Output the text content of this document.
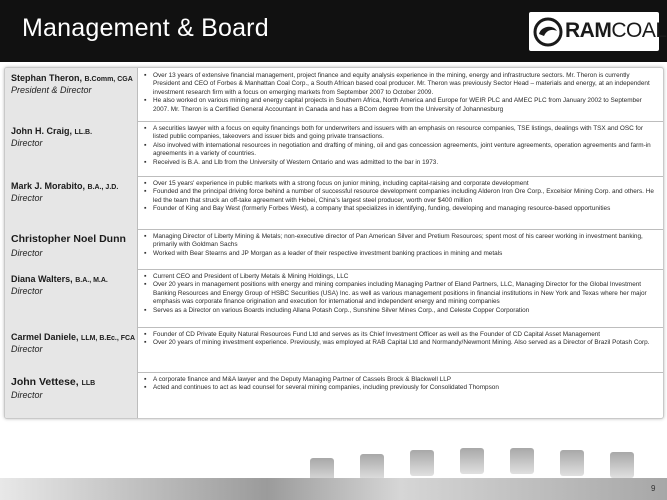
Management & Board	RAMCOAL
Stephan Theron, B.Comm, CGA
President & Director
▪ Over 13 years of extensive financial management, project finance and equity analysis experience in the mining, energy and infrastructure sectors. Mr. Theron is currently President and CEO of Forbes & Manhattan Coal Corp., a South African based coal producer. Mr. Theron was previously Sector Head – materials and energy, at an independent investment research firm with a focus on emerging markets from September 2007 to October 2009.
▪ He also worked on various mining and energy capital projects in Southern Africa, North America and Europe for WEIR PLC and AMEC PLC from January 2002 to September 2007. Mr. Theron is a Certified General Accountant in Canada and has a BCom degree from the University of Johannesburg
John H. Craig, LL.B.
Director
▪ A securities lawyer with a focus on equity financings both for underwriters and issuers with an emphasis on resource companies, TSE listings, dealings with TSX and OSC for listed public companies, takeovers and issuer bids and going private transactions.
▪ Also involved with international resources in negotiation and drafting of mining, oil and gas concession agreements, joint venture agreements, operation agreements and farm-in agreements in a variety of countries.
▪ Received is B.A. and Llb from the University of Western Ontario and was admitted to the bar in 1973.
Mark J. Morabito, B.A., J.D.
Director
▪ Over 15 years' experience in public markets with a strong focus on junior mining, including capital-raising and corporate development
▪ Founded and the principal driving force behind a number of successful resource development companies including Alderon Iron Ore Corp., Excelsior Mining Corp. and others. He led the team that struck an off-take agreement with Hebei, China's largest steel producer, worth over $400 million
▪ Founder of King and Bay West (formerly Forbes West), a company that specializes in identifying, funding, developing and managing resource-based opportunities
Christopher Noel Dunn
Director
▪ Managing Director of Liberty Mining & Metals; non-executive director of Pan American Silver and Pretium Resources; spent most of his career working in investment banking, primarily with Goldman Sachs
▪ Worked with Bear Stearns and JP Morgan as a leader of their respective investment banking practices in mining and metals
Diana Walters, B.A., M.A.
Director
▪ Current CEO and President of Liberty Metals & Mining Holdings, LLC
▪ Over 20 years in management positions with energy and mining companies including Managing Partner of Eland Partners, LLC, Managing Director for the Global Investment Banking Resources and Energy Group of HSBC Securities (USA) Inc. as well as various management positions in financial institutions in New York and Texas where her major emphasis was corporate finance origination and execution for international and independent energy and mining companies
▪ Serves as a Director on various Boards including Allana Potash Corp., Sunshine Silver Mines Corp., and Celeste Copper Corporation
Carmel Daniele, LLM, B.Ec., FCA
Director
▪ Founder of CD Private Equity Natural Resources Fund Ltd and serves as its Chief Investment Officer as well as the Founder of CD Capital Asset Management
▪ Over 20 years of mining investment experience. Previously, was employed at RAB Capital Ltd and Normandy/Newmont Mining. Also served as a Director of Brazil Potash Corp.
John Vettese, LLB
Director
▪ A corporate finance and M&A lawyer and the Deputy Managing Partner of Cassels Brock & Blackwell LLP
▪ Acted and continues to act as lead counsel for several mining companies, including previously for Consolidated Thompson
9
